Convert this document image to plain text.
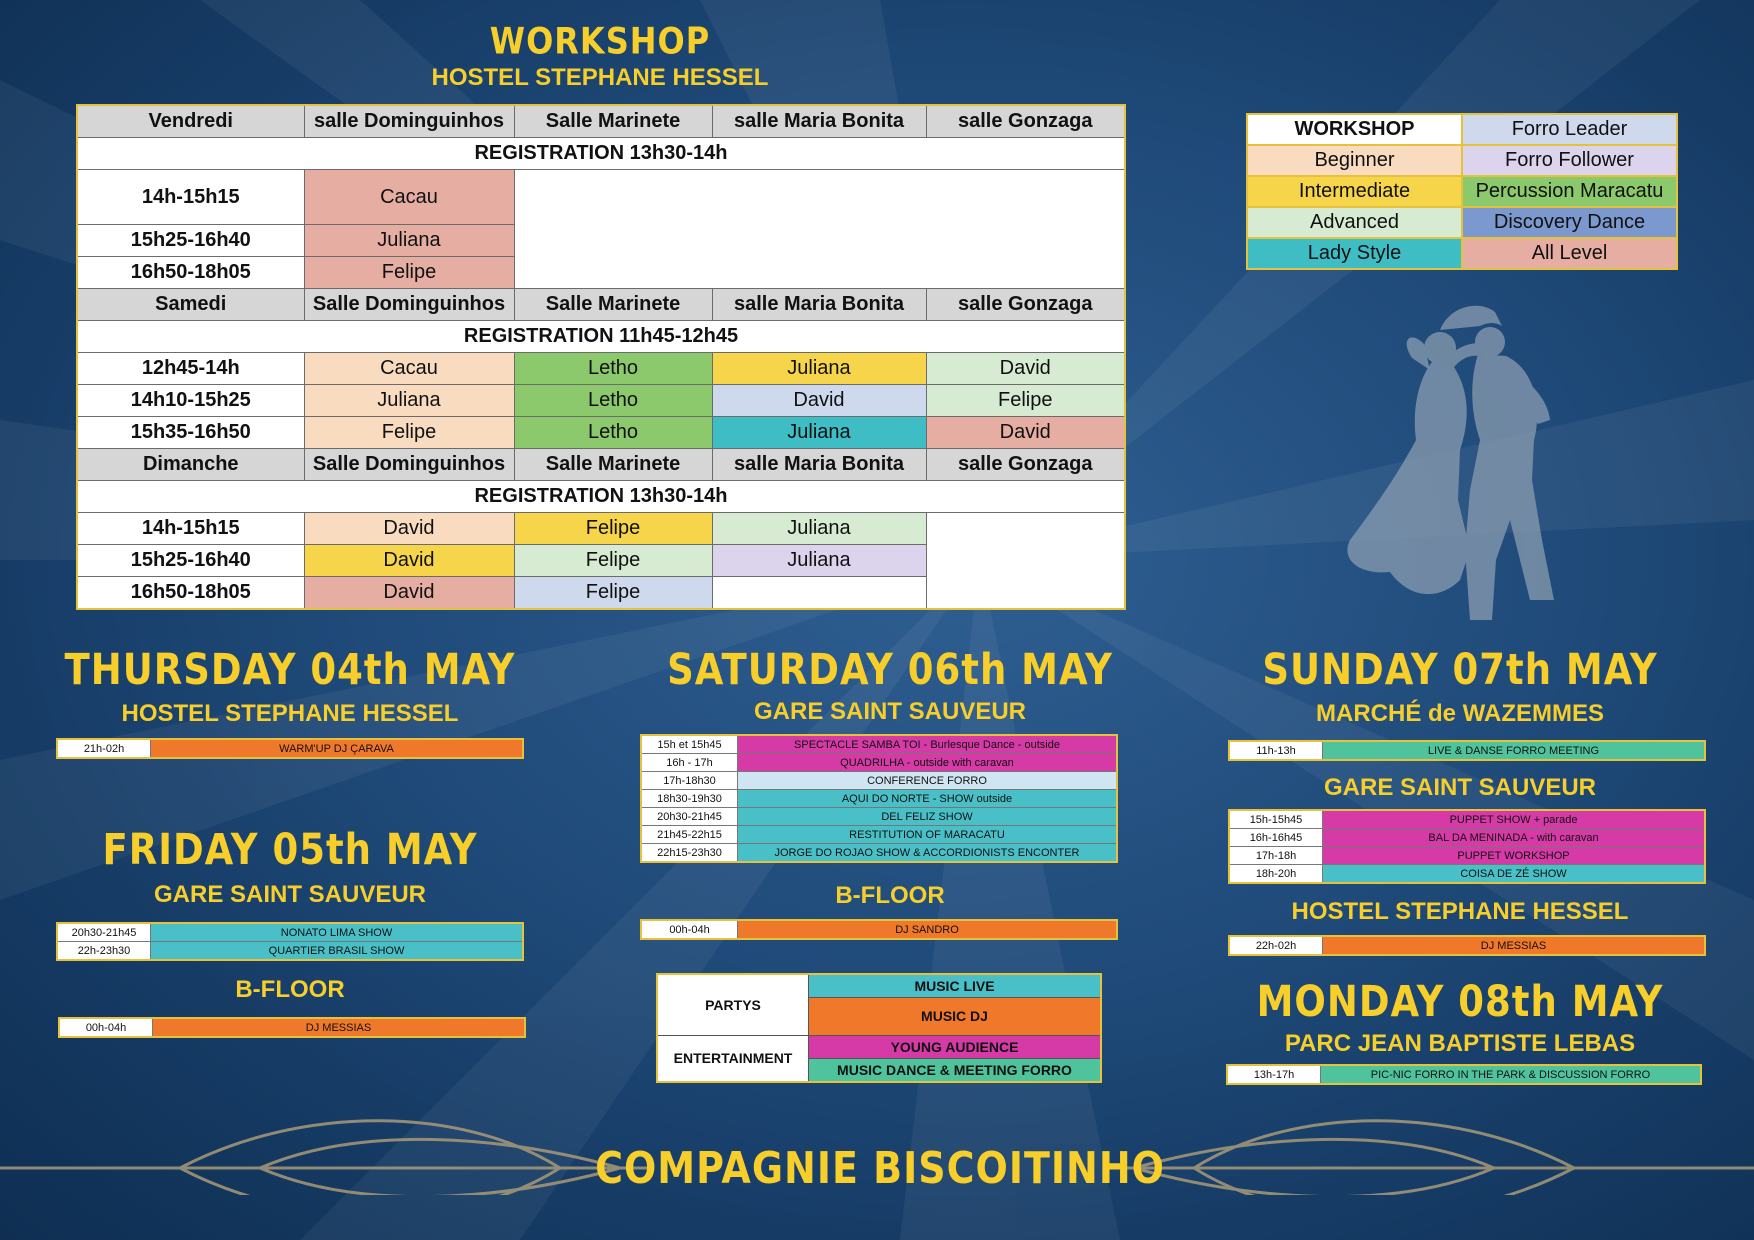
WORKSHOP
HOSTEL STEPHANE HESSEL
Vendredi	salle Dominguinhos	Salle Marinete	salle Maria Bonita	salle Gonzaga
REGISTRATION 13h30-14h				
14h-15h15	Cacau			
15h25-16h40	Juliana			
16h50-18h05	Felipe			
Samedi	Salle Dominguinhos	Salle Marinete	salle Maria Bonita	salle Gonzaga
REGISTRATION 11h45-12h45				
12h45-14h	Cacau	Letho	Juliana	David
14h10-15h25	Juliana	Letho	David	Felipe
15h35-16h50	Felipe	Letho	Juliana	David
Dimanche	Salle Dominguinhos	Salle Marinete	salle Maria Bonita	salle Gonzaga
REGISTRATION 13h30-14h				
14h-15h15	David	Felipe	Juliana	
15h25-16h40	David	Felipe	Juliana	
16h50-18h05	David	Felipe		
WORKSHOP	Forro Leader
Beginner	Forro Follower
Intermediate	Percussion Maracatu
Advanced	Discovery Dance
Lady Style	All Level
THURSDAY 04th MAY
HOSTEL STEPHANE HESSEL
21h-02h	WARM'UP DJ ÇARAVA
FRIDAY 05th MAY
GARE SAINT SAUVEUR
20h30-21h45	NONATO LIMA SHOW
22h-23h30	QUARTIER BRASIL SHOW
B-FLOOR
00h-04h	DJ MESSIAS
SATURDAY 06th MAY
GARE SAINT SAUVEUR
15h et 15h45	SPECTACLE SAMBA TOI - Burlesque Dance - outside
16h - 17h	QUADRILHA - outside with caravan
17h-18h30	CONFERENCE FORRO
18h30-19h30	AQUI DO NORTE - SHOW outside
20h30-21h45	DEL FELIZ SHOW
21h45-22h15	RESTITUTION OF MARACATU
22h15-23h30	JORGE DO ROJAO SHOW & ACCORDIONISTS ENCONTER
B-FLOOR
00h-04h	DJ SANDRO
PARTYS	MUSIC LIVE
	MUSIC DJ
ENTERTAINMENT	YOUNG AUDIENCE
	MUSIC DANCE & MEETING FORRO
SUNDAY 07th MAY
MARCHÉ de WAZEMMES
11h-13h	LIVE & DANSE FORRO MEETING
GARE SAINT SAUVEUR
15h-15h45	PUPPET SHOW + parade
16h-16h45	BAL DA MENINADA - with caravan
17h-18h	PUPPET WORKSHOP
18h-20h	COISA DE ZÉ SHOW
HOSTEL STEPHANE HESSEL
22h-02h	DJ MESSIAS
MONDAY 08th MAY
PARC JEAN BAPTISTE LEBAS
13h-17h	PIC-NIC FORRO IN THE PARK & DISCUSSION FORRO
COMPAGNIE BISCOITINHO
